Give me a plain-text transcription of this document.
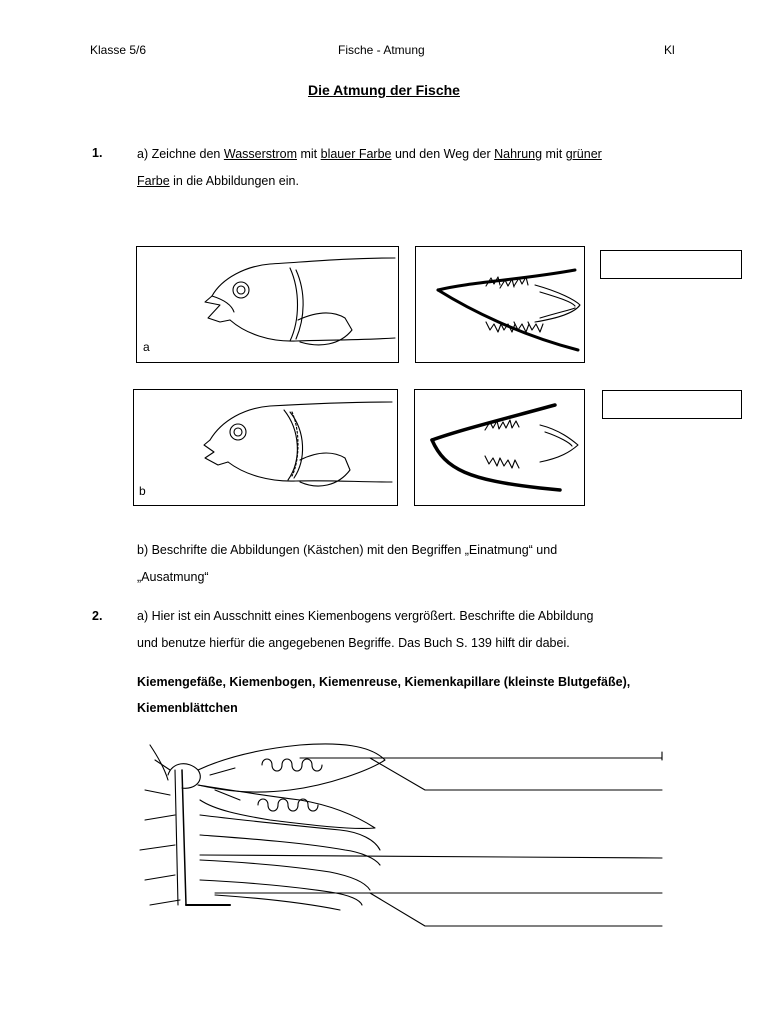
Klasse 5/6	Fische - Atmung	Kl
Die Atmung der Fische
1.	a) Zeichne den Wasserstrom mit blauer Farbe und den Weg der Nahrung mit grüner
Farbe in die Abbildungen ein.
a
b
b) Beschrifte die Abbildungen (Kästchen) mit den Begriffen „Einatmung“ und
„Ausatmung“
2.	a) Hier ist ein Ausschnitt eines Kiemenbogens vergrößert. Beschrifte die Abbildung
und benutze hierfür die angegebenen Begriffe. Das Buch S. 139 hilft dir dabei.
Kiemengefäße, Kiemenbogen, Kiemenreuse, Kiemenkapillare (kleinste Blutgefäße),
Kiemenblättchen
